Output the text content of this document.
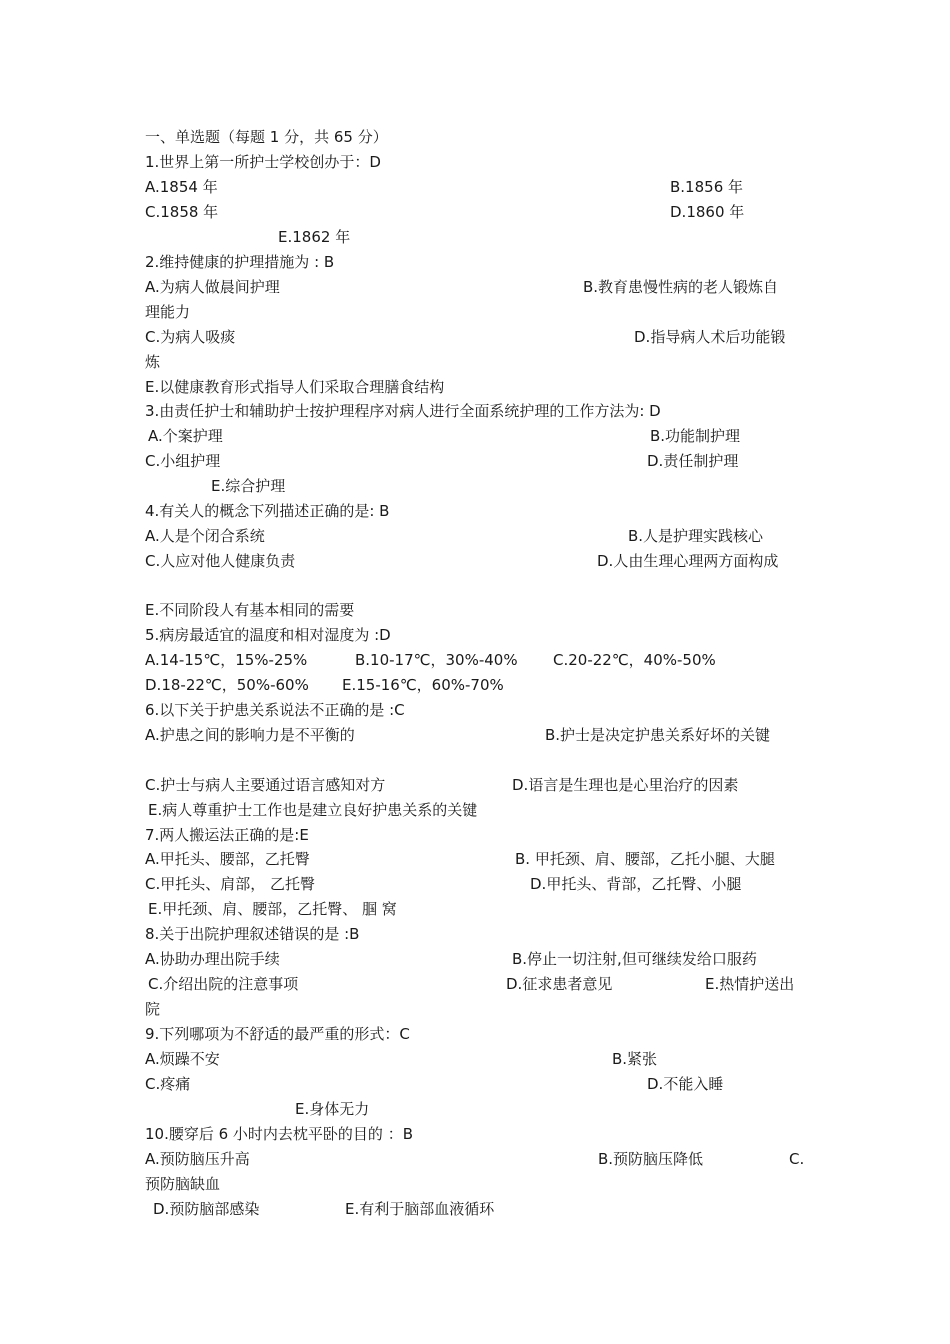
一、单选题（每题 1 分，共 65 分）
1.世界上第一所护士学校创办于：D
A.1854 年	B.1856 年
C.1858 年	D.1860 年
E.1862 年
2.维持健康的护理措施为 : B
A.为病人做晨间护理	B.教育患慢性病的老人锻炼自
理能力
C.为病人吸痰	D.指导病人术后功能锻
炼
E.以健康教育形式指导人们采取合理膳食结构
3.由责任护士和辅助护士按护理程序对病人进行全面系统护理的工作方法为: D
A.个案护理	B.功能制护理
C.小组护理	D.责任制护理
E.综合护理
4.有关人的概念下列描述正确的是: B
A.人是个闭合系统	B.人是护理实践核心
C.人应对他人健康负责	D.人由生理心理两方面构成
E.不同阶段人有基本相同的需要
5.病房最适宜的温度和相对湿度为 :D
A.14-15℃，15%-25%	B.10-17℃，30%-40% C.20-22℃，40%-50%
D.18-22℃，50%-60% E.15-16℃，60%-70%
6.以下关于护患关系说法不正确的是 :C
A.护患之间的影响力是不平衡的	B.护士是决定护患关系好坏的关键
C.护士与病人主要通过语言感知对方	D.语言是生理也是心里治疗的因素
E.病人尊重护士工作也是建立良好护患关系的关键
7.两人搬运法正确的是:E
A.甲托头、腰部，乙托臀	B. 甲托颈、肩、腰部，乙托小腿、大腿
C.甲托头、肩部， 乙托臀	D.甲托头、背部，乙托臀、小腿
E.甲托颈、肩、腰部，乙托臀、 腘 窝
8.关于出院护理叙述错误的是 :B
A.协助办理出院手续	B.停止一切注射,但可继续发给口服药
C.介绍出院的注意事项	D.征求患者意见	E.热情护送出
院
9.下列哪项为不舒适的最严重的形式：C
A.烦躁不安	B.紧张
C.疼痛	D.不能入睡
E.身体无力
10.腰穿后 6 小时内去枕平卧的目的 ：B
A.预防脑压升高	B.预防脑压降低	C.
预防脑缺血
D.预防脑部感染	E.有利于脑部血液循环
